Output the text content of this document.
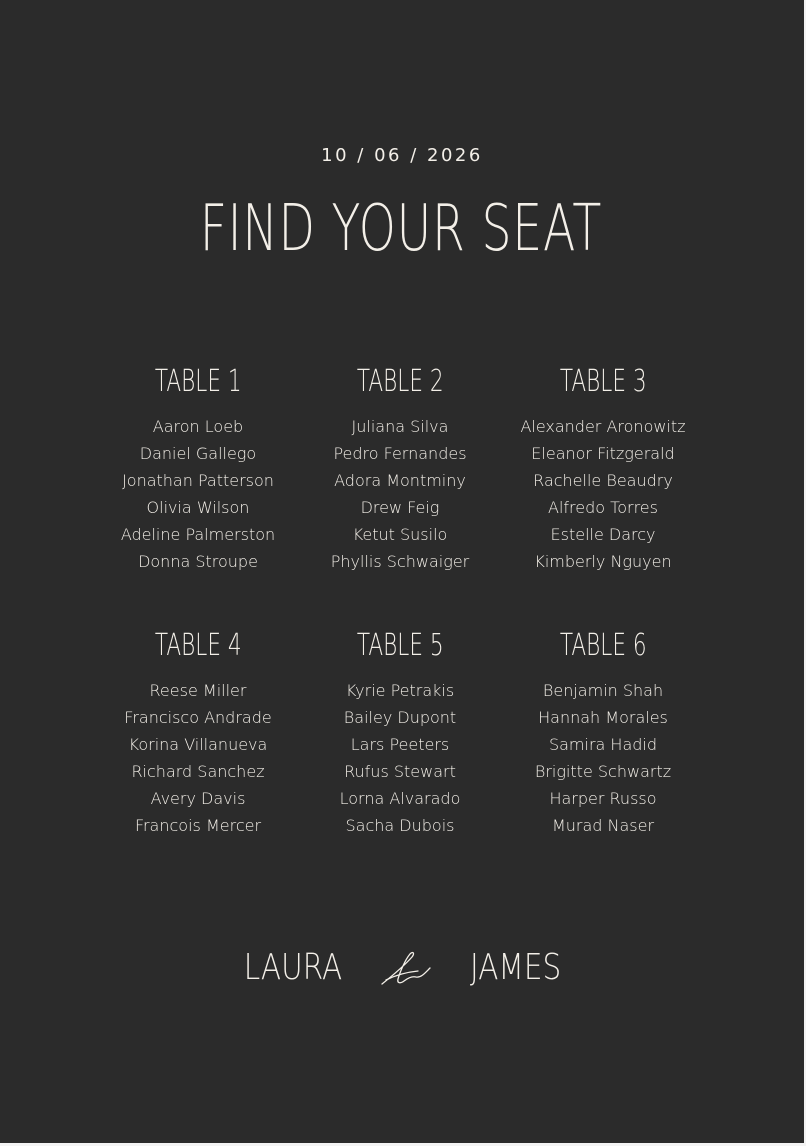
10 / 06 / 2026
FIND YOUR SEAT
TABLE 1
Aaron Loeb
Daniel Gallego
Jonathan Patterson
Olivia Wilson
Adeline Palmerston
Donna Stroupe
TABLE 2
Juliana Silva
Pedro Fernandes
Adora Montminy
Drew Feig
Ketut Susilo
Phyllis Schwaiger
TABLE 3
Alexander Aronowitz
Eleanor Fitzgerald
Rachelle Beaudry
Alfredo Torres
Estelle Darcy
Kimberly Nguyen
TABLE 4
Reese Miller
Francisco Andrade
Korina Villanueva
Richard Sanchez
Avery Davis
Francois Mercer
TABLE 5
Kyrie Petrakis
Bailey Dupont
Lars Peeters
Rufus Stewart
Lorna Alvarado
Sacha Dubois
TABLE 6
Benjamin Shah
Hannah Morales
Samira Hadid
Brigitte Schwartz
Harper Russo
Murad Naser
LAURA	JAMES
